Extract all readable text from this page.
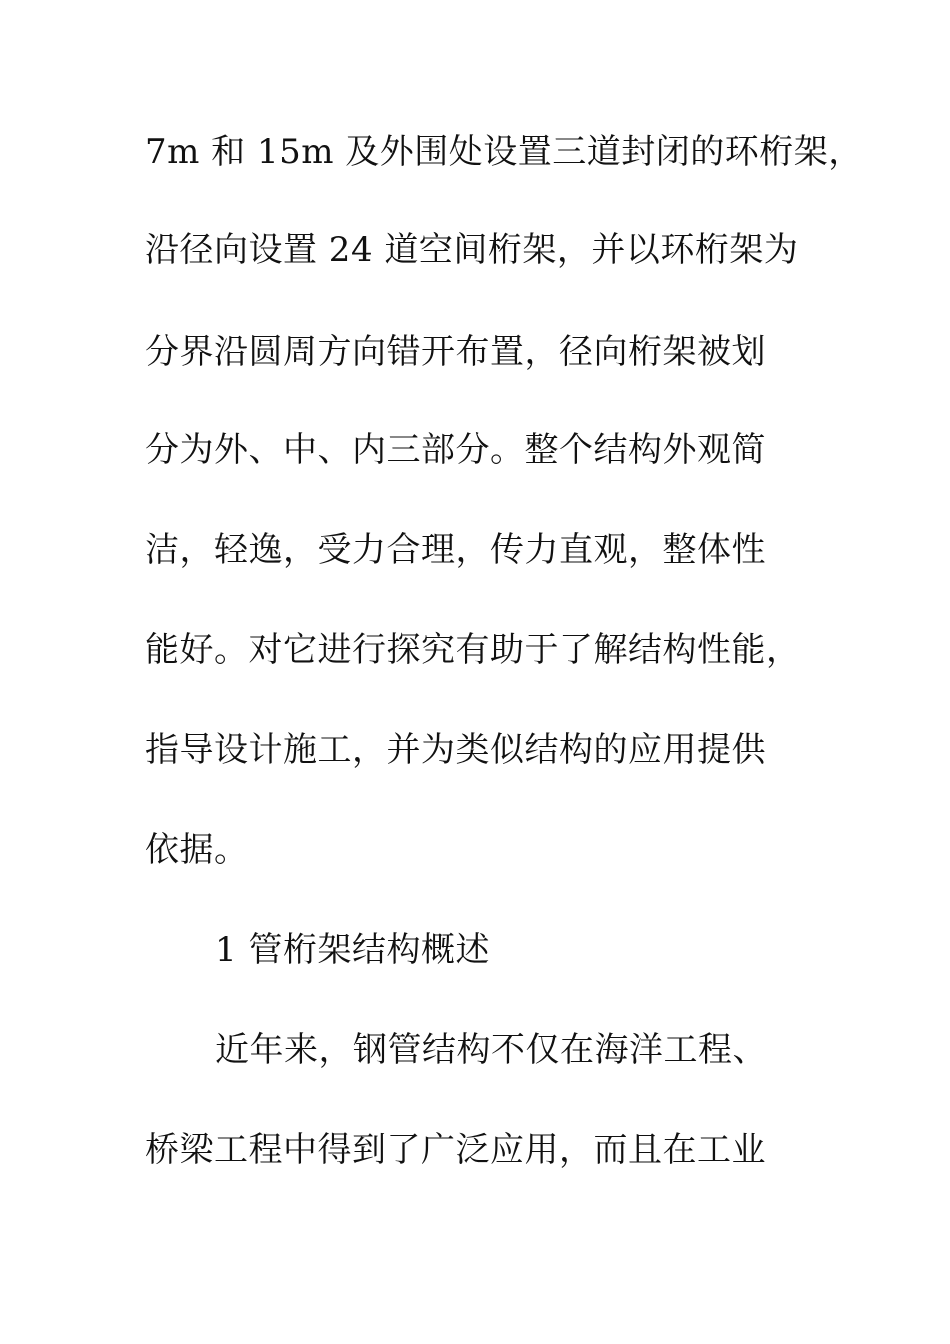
7m 和 15m 及外围处设置三道封闭的环桁架，
沿径向设置 24 道空间桁架，并以环桁架为
分界沿圆周方向错开布置，径向桁架被划
分为外、中、内三部分。整个结构外观简
洁，轻逸，受力合理，传力直观，整体性
能好。对它进行探究有助于了解结构性能，
指导设计施工，并为类似结构的应用提供
依据。
1 管桁架结构概述
近年来，钢管结构不仅在海洋工程、
桥梁工程中得到了广泛应用，而且在工业
